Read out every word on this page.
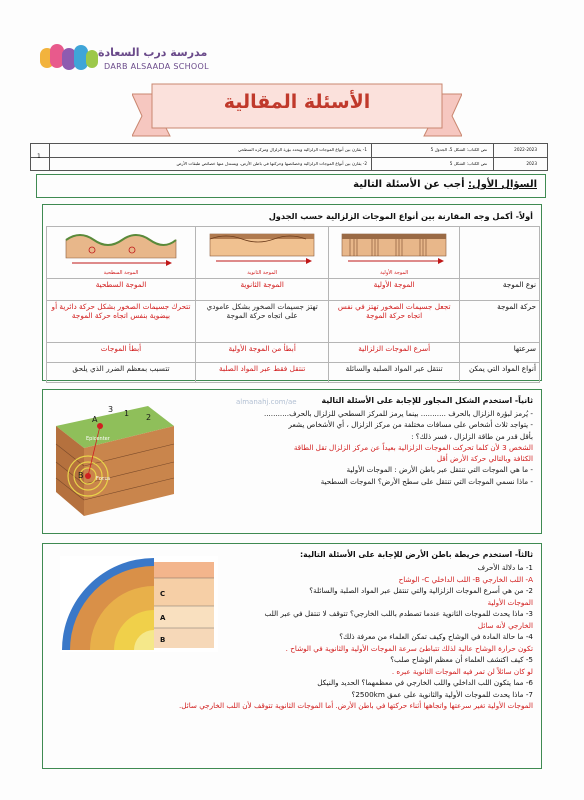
مدرسة درب السعادة
DARB ALSAADA SCHOOL
الأسئلة المقالية
1
1- يقارن بين أنواع الموجات الزلزالية ويحدد بؤرة الزلزال ومركزه السطحي	نص الكتاب: الشكل 5، الجدول 5	2022-2023
2- يقارن بين أنواع الموجات الزلزالية وخصائصها وحركتها في باطن الأرض، ويستدل منها خصائص طبقات الأرض	نص الكتاب: الشكل 5	2023
السؤال الأول: أجب عن الأسئلة التالية
أولاً- أكمل وجه المقارنة بين أنواع الموجات الزلزالية حسب الجدول

	الموجة الأولية	الموجة الثانوية	الموجة السطحية

نوع الموجة	الموجة الأولية	الموجة الثانوية	الموجة السطحية
حركة الموجة	تجعل جسيمات الصخور تهتز في نفس اتجاه حركة الموجة	تهتز جسيمات الصخور بشكل عامودي على اتجاه حركة الموجة	تتحرك جسيمات الصخور بشكل حركة دائرية أو بيضوية بنفس اتجاه حركة الموجة
سرعتها	أسرع الموجات الزلزالية	أبطأ من الموجة الأولية	أبطأ الموجات
أنواع المواد التي يمكن	تنتقل عبر المواد الصلبة والسائلة	تنتقل فقط عبر المواد الصلبة	تتسبب بمعظم الضرر الذي يلحق
ثانياً- استخدم الشكل المجاور للإجابة على الأسئلة التالية
- يُرمز لبؤرة الزلزال بالحرف ........... بينما يرمز للمركز السطحي للزلزال بالحرف...........
- يتواجد ثلاث أشخاص على مسافات مختلفة من مركز الزلزال ، أي الأشخاص يشعر
بأقل قدر من طاقة الزلزال ، فسر ذلك؟ :
الشخص 3 لأن كلما تحركت الموجات الزلزالية بعيداً عن مركز الزلزال تقل الطاقة
الكثافة وبالتالي حركة الأرض أقل
- ما هي الموجات التي تنتقل عبر باطن الأرض : الموجات الأولية
- ماذا نسمي الموجات التي تنتقل على سطح الأرض؟ الموجات السطحية
1 2
3
A
B
Epicenter
Focus
almanahj.com/ae
ثالثاً- استخدم خريطة باطن الأرض للإجابة على الأسئلة التالية:
1- ما دلالة الأحرف
A- اللب الخارجي B- اللب الداخلي C- الوشاح
2- من هي أسرع الموجات الزلزالية والتي تنتقل عبر المواد الصلبة والسائلة؟
الموجات الأولية
3- ماذا يحدث للموجات الثانوية عندما تصطدم باللب الخارجي؟ تتوقف لا تنتقل في عبر اللب
الخارجي لأنه سائل
4- ما حالة المادة في الوشاح وكيف تمكن العلماء من معرفة ذلك؟
تكون حرارة الوشاح عالية لذلك تتباطئ سرعة الموجات الأولية والثانوية في الوشاح .
5- كيف اكتشف العلماء أن معظم الوشاح صلب؟
لو كان سائلاً لن تمر فيه الموجات الثانوية عبره .
6- مما يتكون اللب الداخلي واللب الخارجي في معظمهما؟ الحديد والنيكل
7- ماذا يحدث للموجات الأولية والثانوية على عمق 2500km؟
الموجات الأولية تغير سرعتها واتجاهها أثناء حركتها في باطن الأرض. أما الموجات الثانوية تتوقف لأن اللب الخارجي سائل.
C
A
B
